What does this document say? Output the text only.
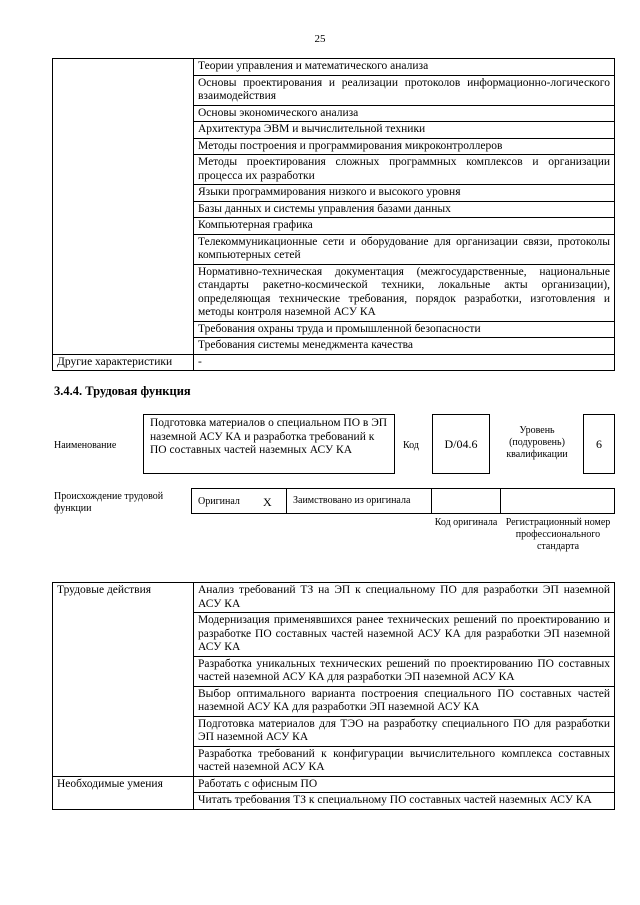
25
	Теории управления и математического анализа
	Основы проектирования и реализации протоколов информационно-логического взаимодействия
	Основы экономического анализа
	Архитектура ЭВМ и вычислительной техники
	Методы построения и программирования микроконтроллеров
	Методы проектирования сложных программных комплексов и организации процесса их разработки
	Языки программирования низкого и высокого уровня
	Базы данных и системы управления базами данных
	Компьютерная графика
	Телекоммуникационные сети и оборудование для организации связи, протоколы компьютерных сетей
	Нормативно-техническая документация (межгосударственные, национальные стандарты ракетно-космической техники, локальные акты организации), определяющая технические требования, порядок разработки, изготовления и методы контроля наземной АСУ КА
	Требования охраны труда и промышленной безопасности
	Требования системы менеджмента качества
Другие характеристики	-
3.4.4. Трудовая функция
Наименование
Подготовка материалов о специальном ПО в ЭП наземной АСУ КА и разработка требований к ПО составных частей наземных АСУ КА	Код D/04.6
Уровень (подуровень) квалификации
6
Происхождение трудовой функции
Оригинал X	Заимствовано из оригинала
Код оригинала Регистрационный номер профессионального стандарта
Трудовые действия	Анализ требований ТЗ на ЭП к специальному ПО для разработки ЭП наземной АСУ КА
	Модернизация применявшихся ранее технических решений по проектированию и разработке ПО составных частей наземной АСУ КА для разработки ЭП наземной АСУ КА
	Разработка уникальных технических решений по проектированию ПО составных частей наземной АСУ КА для разработки ЭП наземной АСУ КА
	Выбор оптимального варианта построения специального ПО составных частей наземной АСУ КА для разработки ЭП наземной АСУ КА
	Подготовка материалов для ТЭО на разработку специального ПО для разработки ЭП наземной АСУ КА
	Разработка требований к конфигурации вычислительного комплекса составных частей наземной АСУ КА
Необходимые умения	Работать с офисным ПО
	Читать требования ТЗ к специальному ПО составных частей наземных АСУ КА
